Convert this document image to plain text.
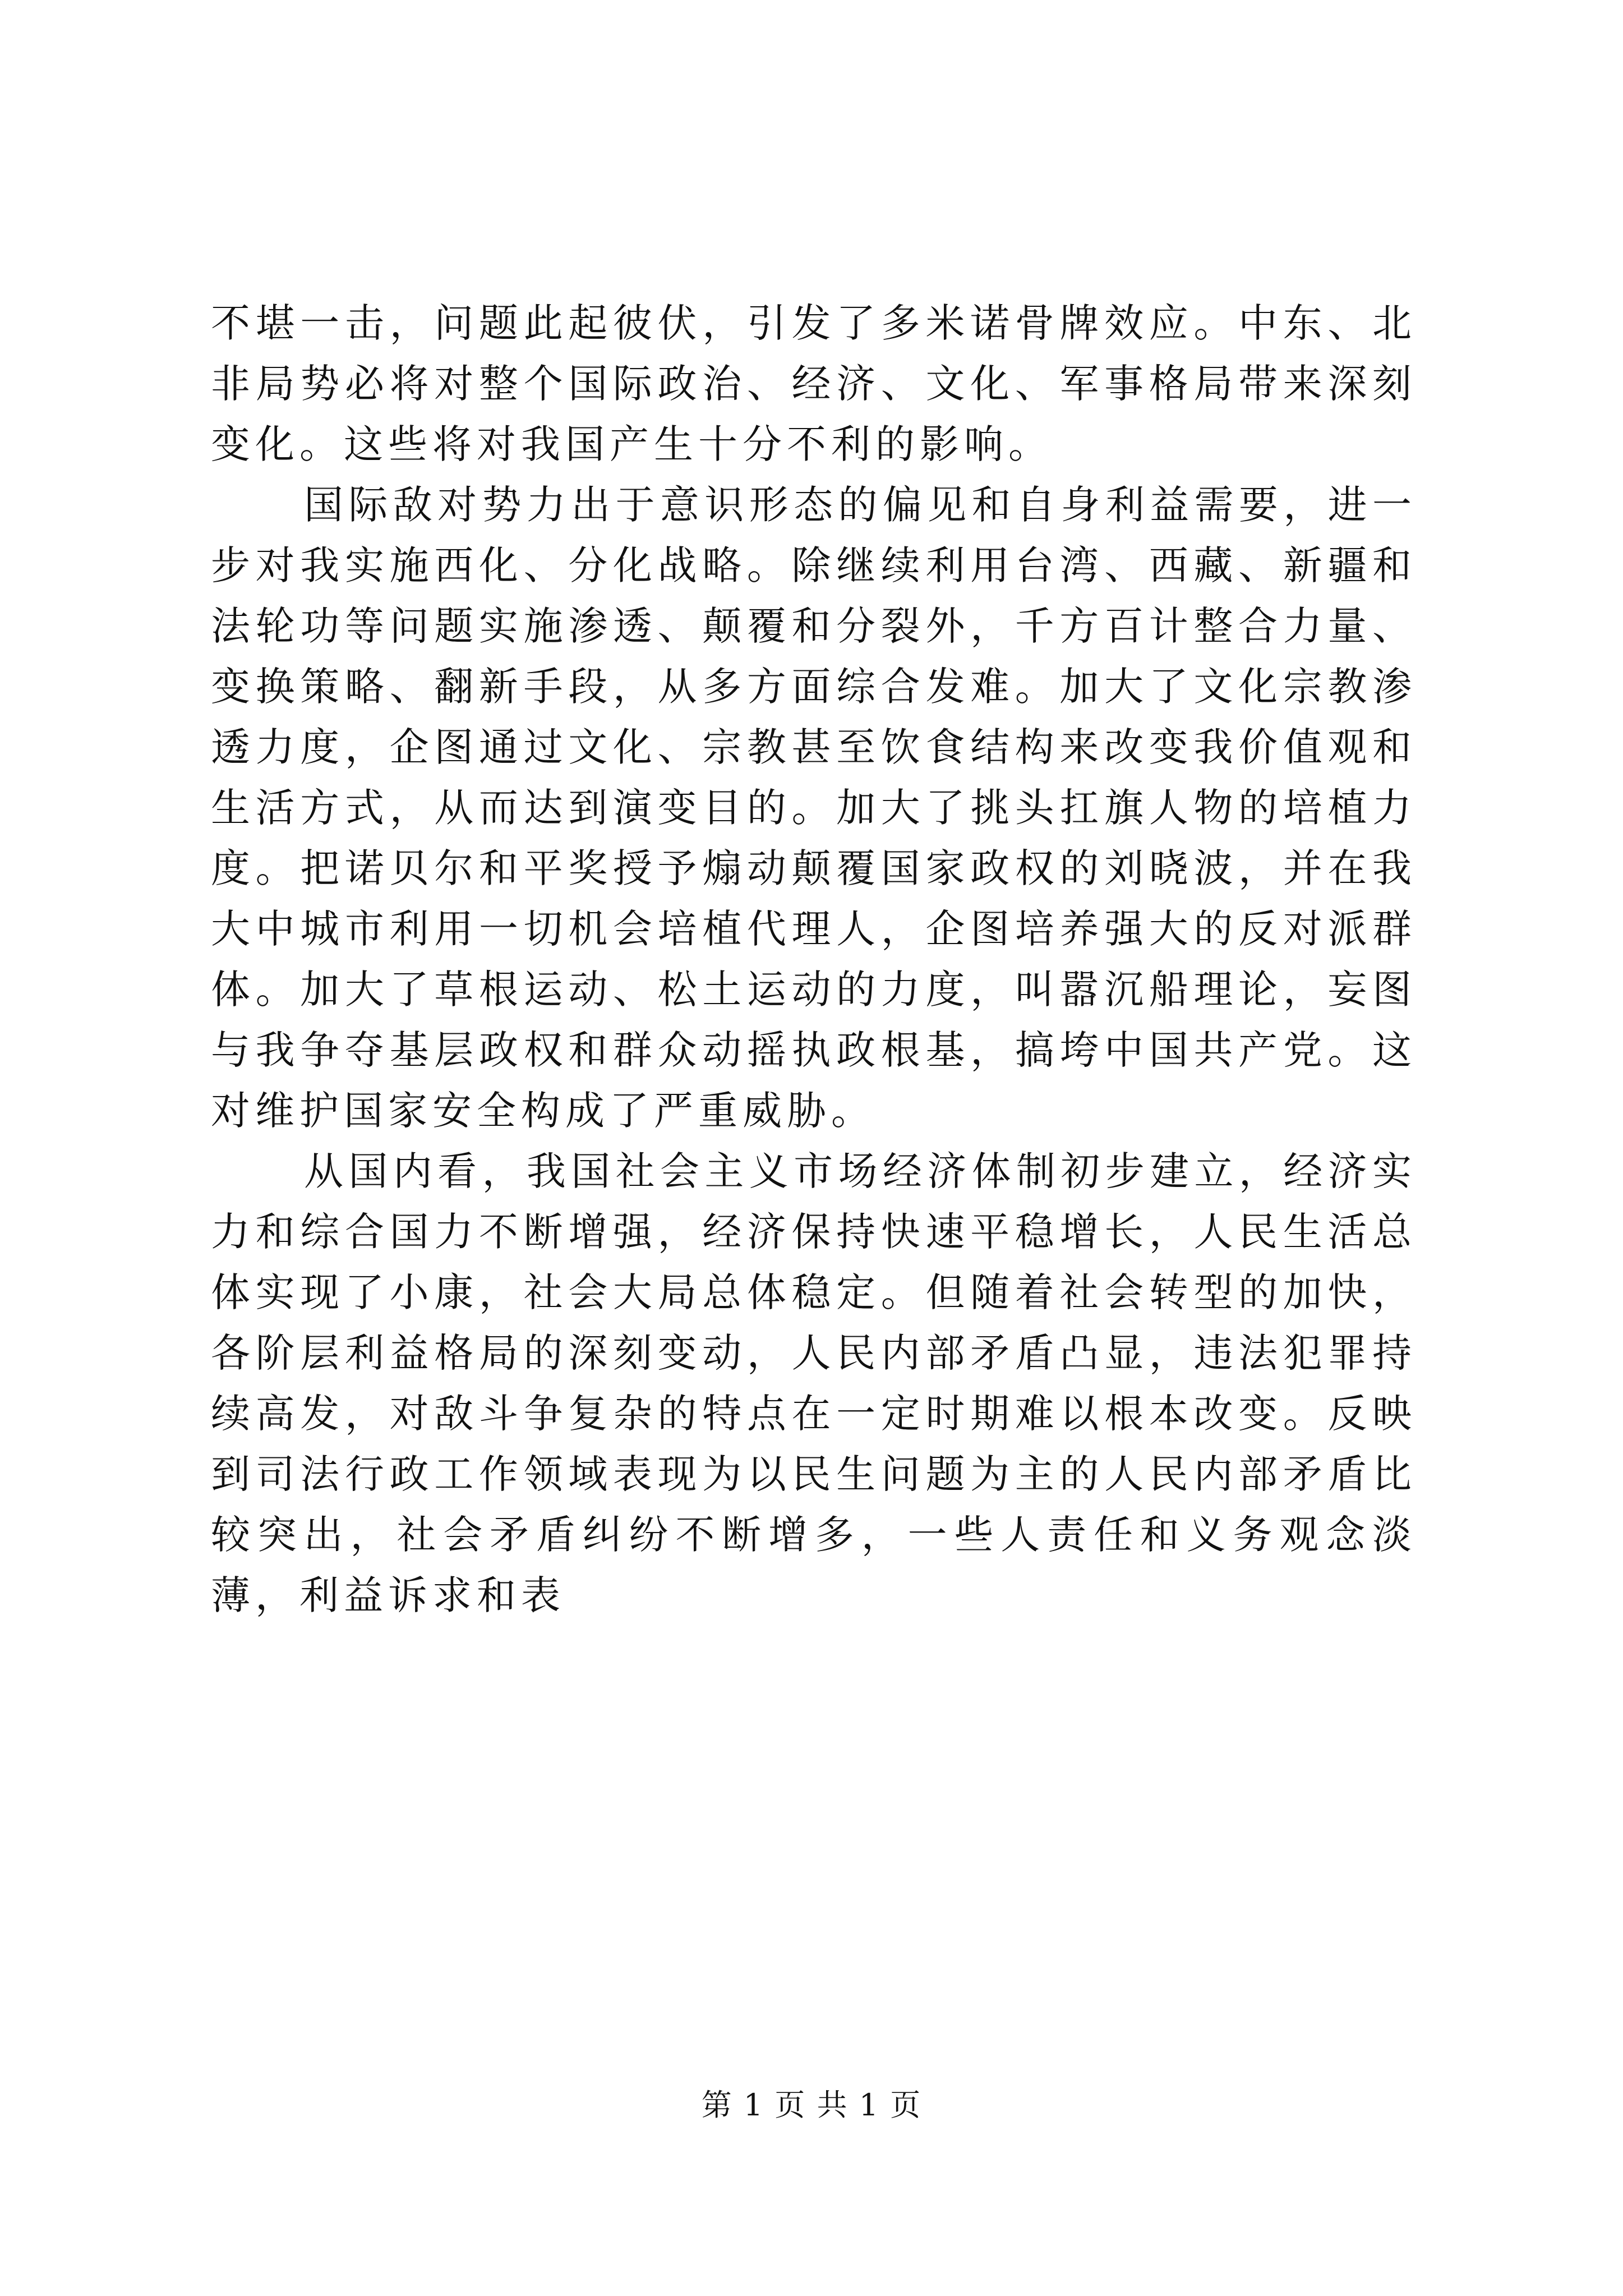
不堪一击，问题此起彼伏，引发了多米诺骨牌效应。中东、北非局势必将对整个国际政治、经济、文化、军事格局带来深刻变化。这些将对我国产生十分不利的影响。

国际敌对势力出于意识形态的偏见和自身利益需要，进一步对我实施西化、分化战略。除继续利用台湾、西藏、新疆和法轮功等问题实施渗透、颠覆和分裂外，千方百计整合力量、变换策略、翻新手段，从多方面综合发难。加大了文化宗教渗透力度，企图通过文化、宗教甚至饮食结构来改变我价值观和生活方式，从而达到演变目的。加大了挑头扛旗人物的培植力度。把诺贝尔和平奖授予煽动颠覆国家政权的刘晓波，并在我大中城市利用一切机会培植代理人，企图培养强大的反对派群体。加大了草根运动、松土运动的力度，叫嚣沉船理论，妄图与我争夺基层政权和群众动摇执政根基，搞垮中国共产党。这对维护国家安全构成了严重威胁。

从国内看，我国社会主义市场经济体制初步建立，经济实力和综合国力不断增强，经济保持快速平稳增长，人民生活总体实现了小康，社会大局总体稳定。但随着社会转型的加快，各阶层利益格局的深刻变动，人民内部矛盾凸显，违法犯罪持续高发，对敌斗争复杂的特点在一定时期难以根本改变。反映到司法行政工作领域表现为以民生问题为主的人民内部矛盾比较突出，社会矛盾纠纷不断增多，一些人责任和义务观念淡薄，利益诉求和表

第 1 页 共 1 页
